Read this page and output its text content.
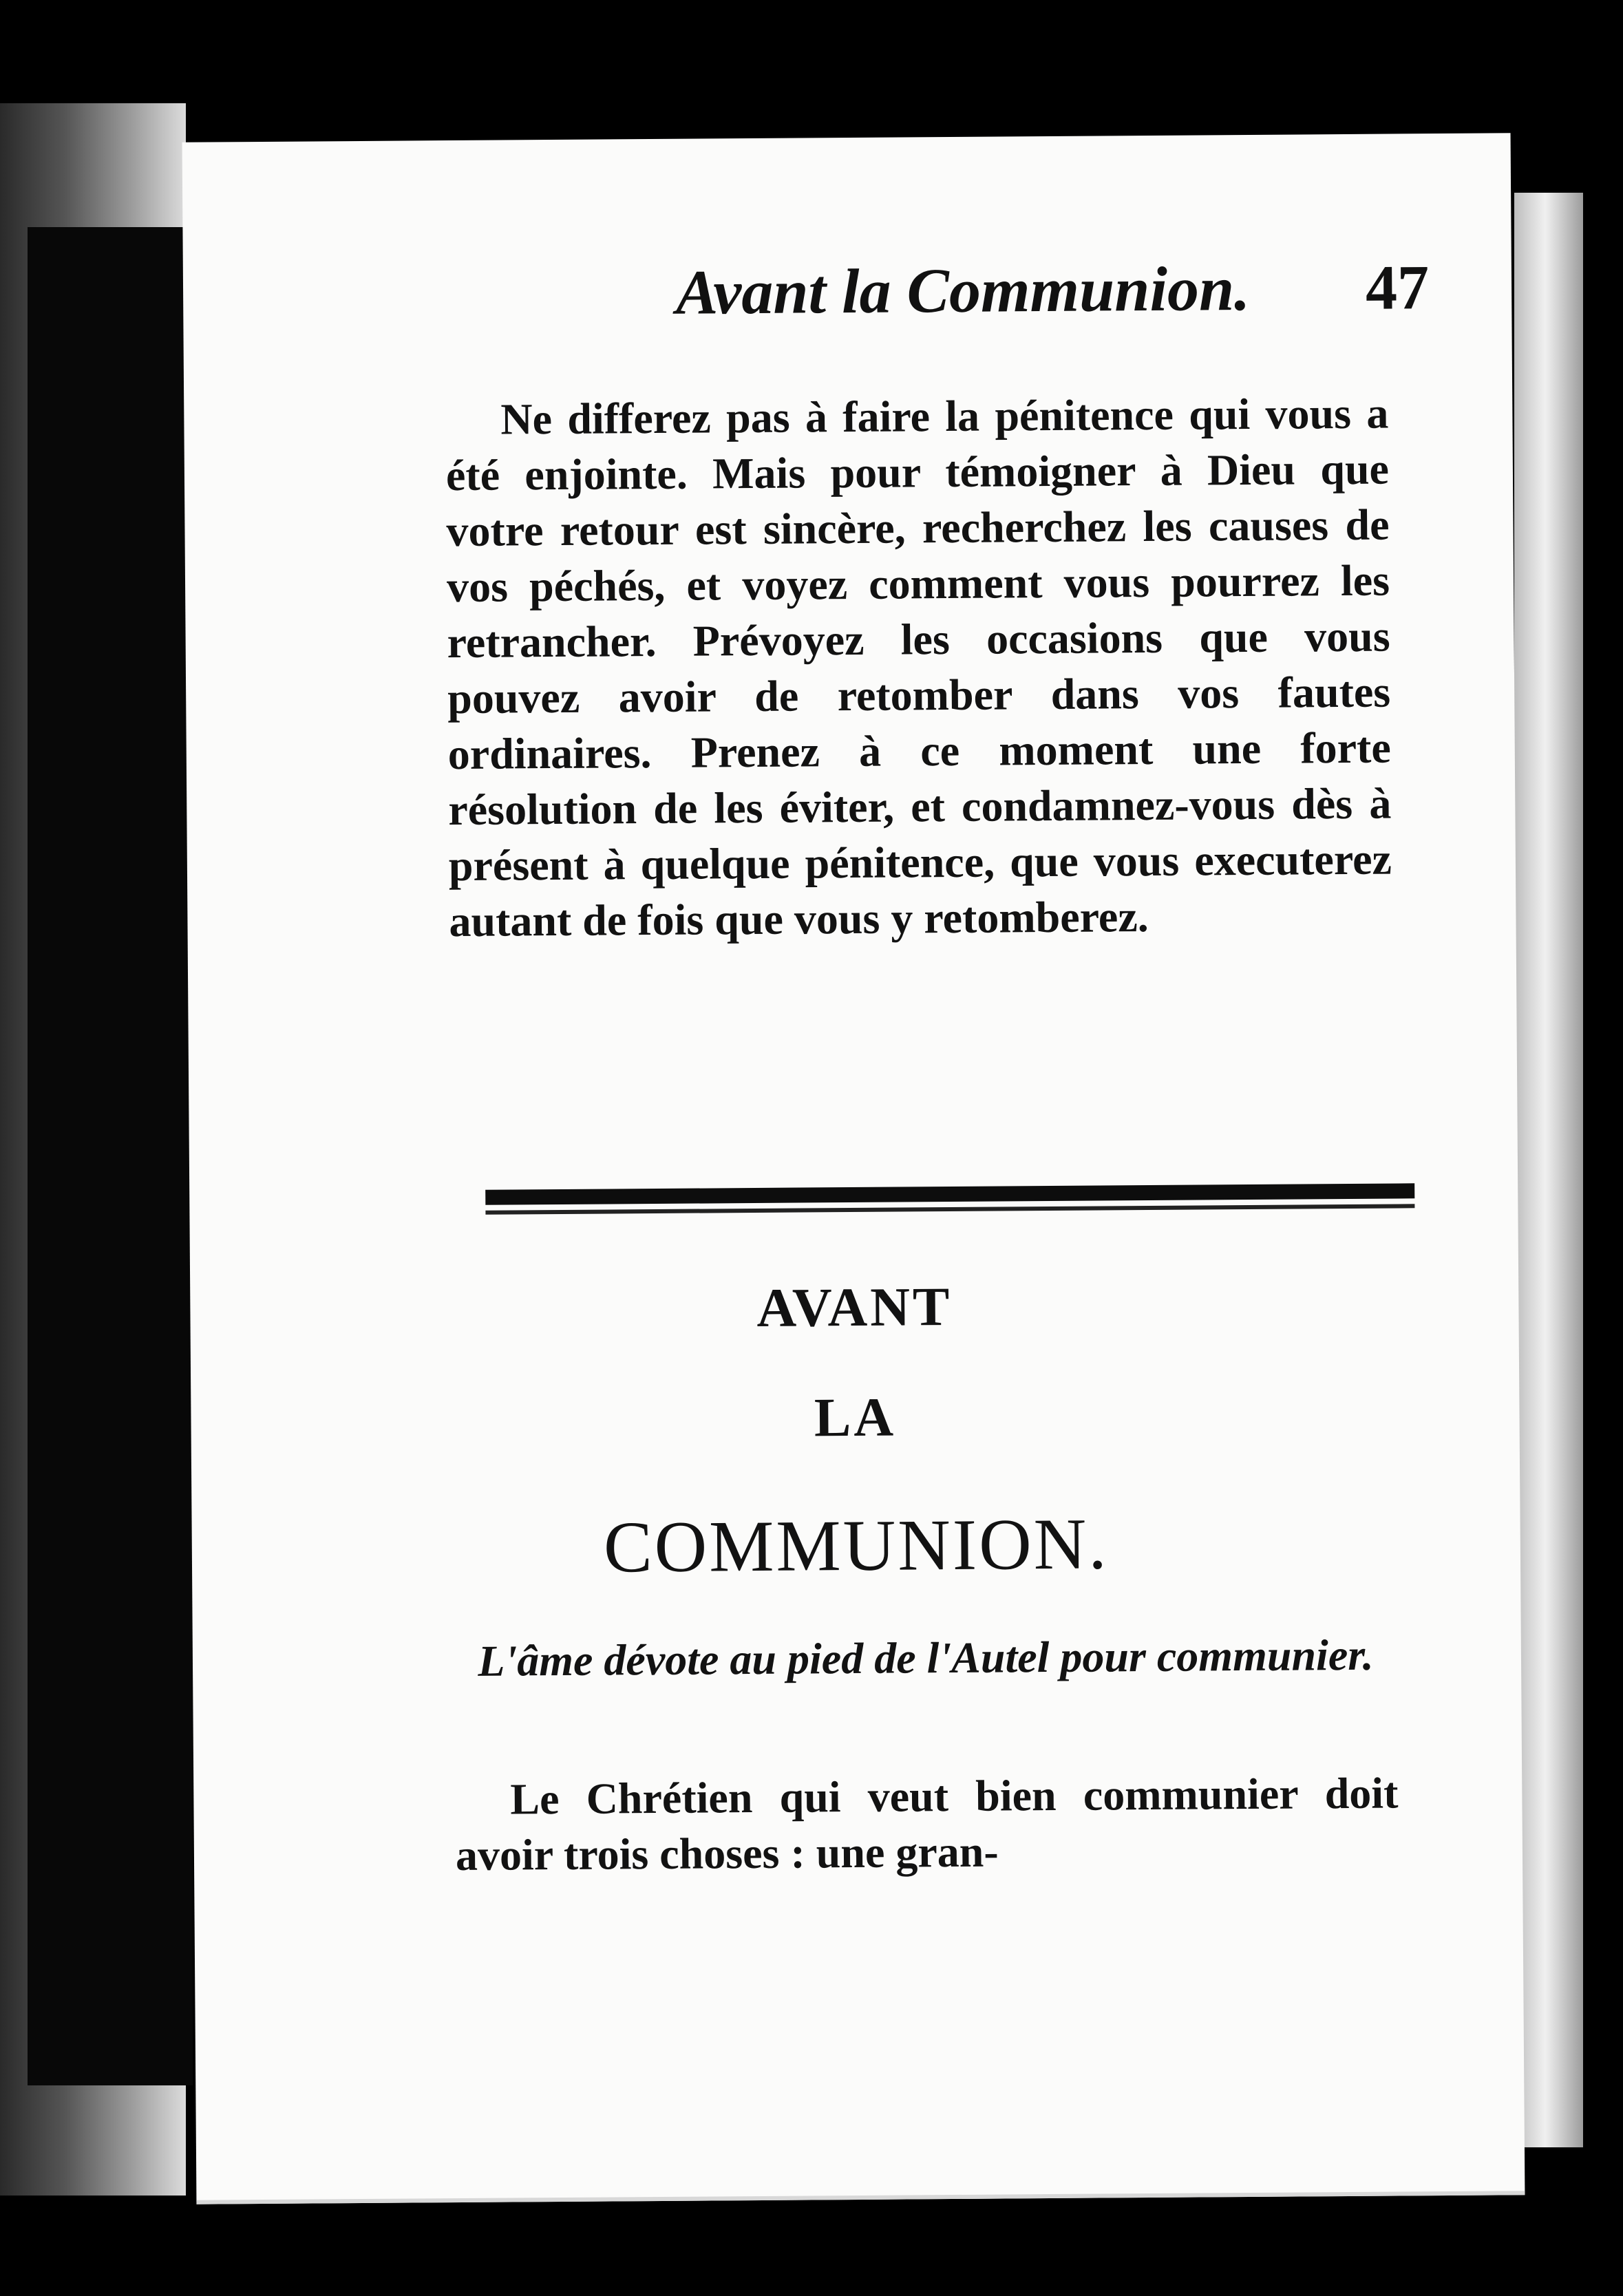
Avant la Communion. 47

Ne differez pas à faire la pénitence qui vous a été enjointe. Mais pour témoigner à Dieu que votre retour est sincère, recherchez les causes de vos péchés, et voyez comment vous pourrez les retrancher. Prévoyez les occasions que vous pouvez avoir de retomber dans vos fautes ordinaires. Prenez à ce moment une forte résolution de les éviter, et condamnez-vous dès à présent à quelque pénitence, que vous executerez autant de fois que vous y retomberez.

AVANT

LA

COMMUNION.

L'âme dévote au pied de l'Autel pour communier.

Le Chrétien qui veut bien communier doit avoir trois choses : une gran-
